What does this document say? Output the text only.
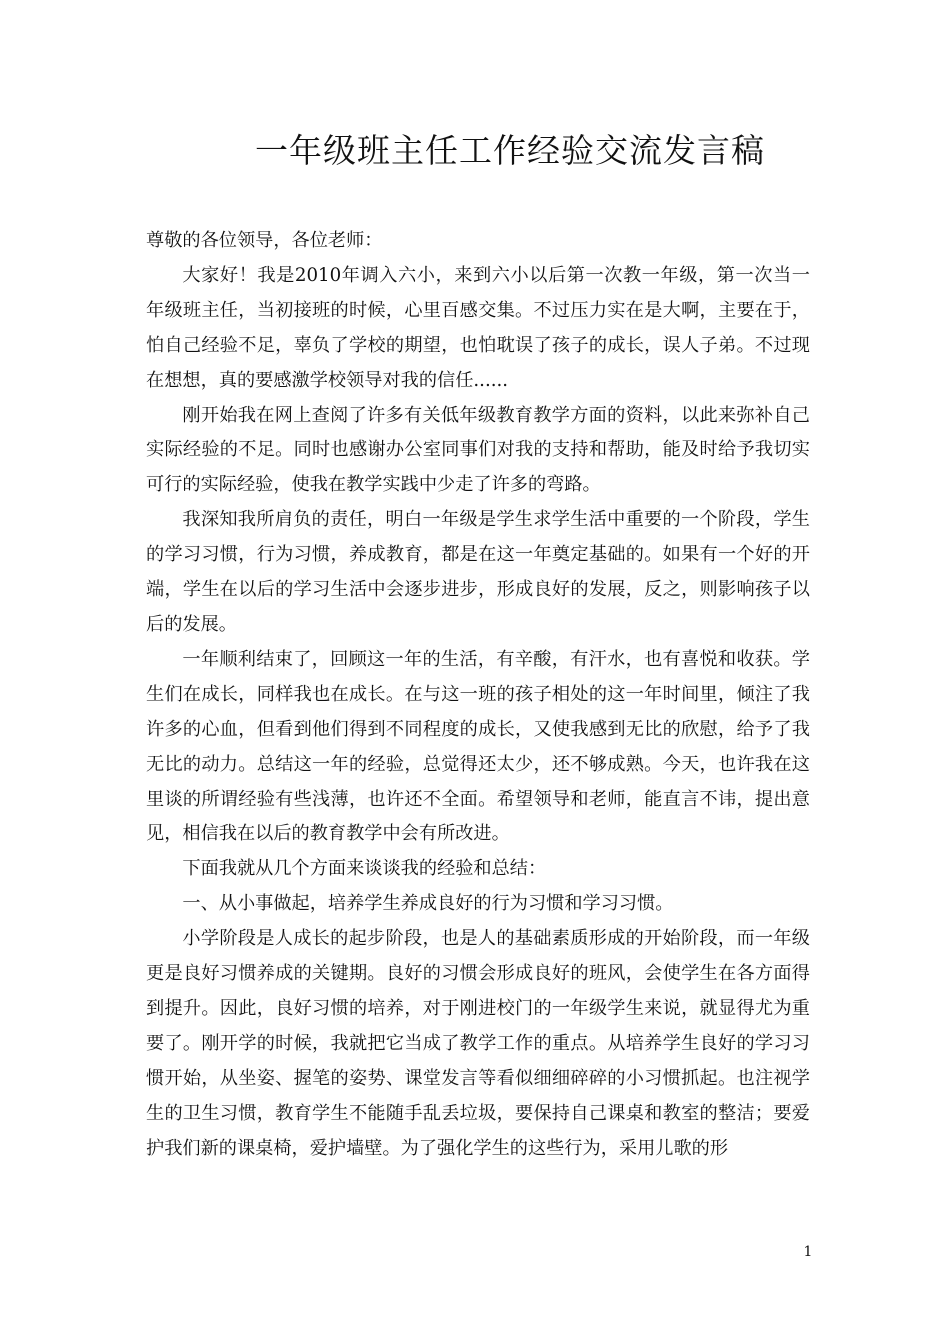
一年级班主任工作经验交流发言稿

尊敬的各位领导，各位老师：

大家好！我是2010年调入六小，来到六小以后第一次教一年级，第一次当一年级班主任，当初接班的时候，心里百感交集。不过压力实在是大啊，主要在于，怕自己经验不足，辜负了学校的期望，也怕耽误了孩子的成长，误人子弟。不过现在想想，真的要感激学校领导对我的信任......

刚开始我在网上查阅了许多有关低年级教育教学方面的资料，以此来弥补自己实际经验的不足。同时也感谢办公室同事们对我的支持和帮助，能及时给予我切实可行的实际经验，使我在教学实践中少走了许多的弯路。

我深知我所肩负的责任，明白一年级是学生求学生活中重要的一个阶段，学生的学习习惯，行为习惯，养成教育，都是在这一年奠定基础的。如果有一个好的开端，学生在以后的学习生活中会逐步进步，形成良好的发展，反之，则影响孩子以后的发展。

一年顺利结束了，回顾这一年的生活，有辛酸，有汗水，也有喜悦和收获。学生们在成长，同样我也在成长。在与这一班的孩子相处的这一年时间里，倾注了我许多的心血，但看到他们得到不同程度的成长，又使我感到无比的欣慰，给予了我无比的动力。总结这一年的经验，总觉得还太少，还不够成熟。今天，也许我在这里谈的所谓经验有些浅薄，也许还不全面。希望领导和老师，能直言不讳，提出意见，相信我在以后的教育教学中会有所改进。

下面我就从几个方面来谈谈我的经验和总结：

一、从小事做起，培养学生养成良好的行为习惯和学习习惯。

小学阶段是人成长的起步阶段，也是人的基础素质形成的开始阶段，而一年级更是良好习惯养成的关键期。良好的习惯会形成良好的班风，会使学生在各方面得到提升。因此，良好习惯的培养，对于刚进校门的一年级学生来说，就显得尤为重要了。刚开学的时候，我就把它当成了教学工作的重点。从培养学生良好的学习习惯开始，从坐姿、握笔的姿势、课堂发言等看似细细碎碎的小习惯抓起。也注视学生的卫生习惯，教育学生不能随手乱丢垃圾，要保持自己课桌和教室的整洁；要爱护我们新的课桌椅，爱护墙壁。为了强化学生的这些行为，采用儿歌的形

1
